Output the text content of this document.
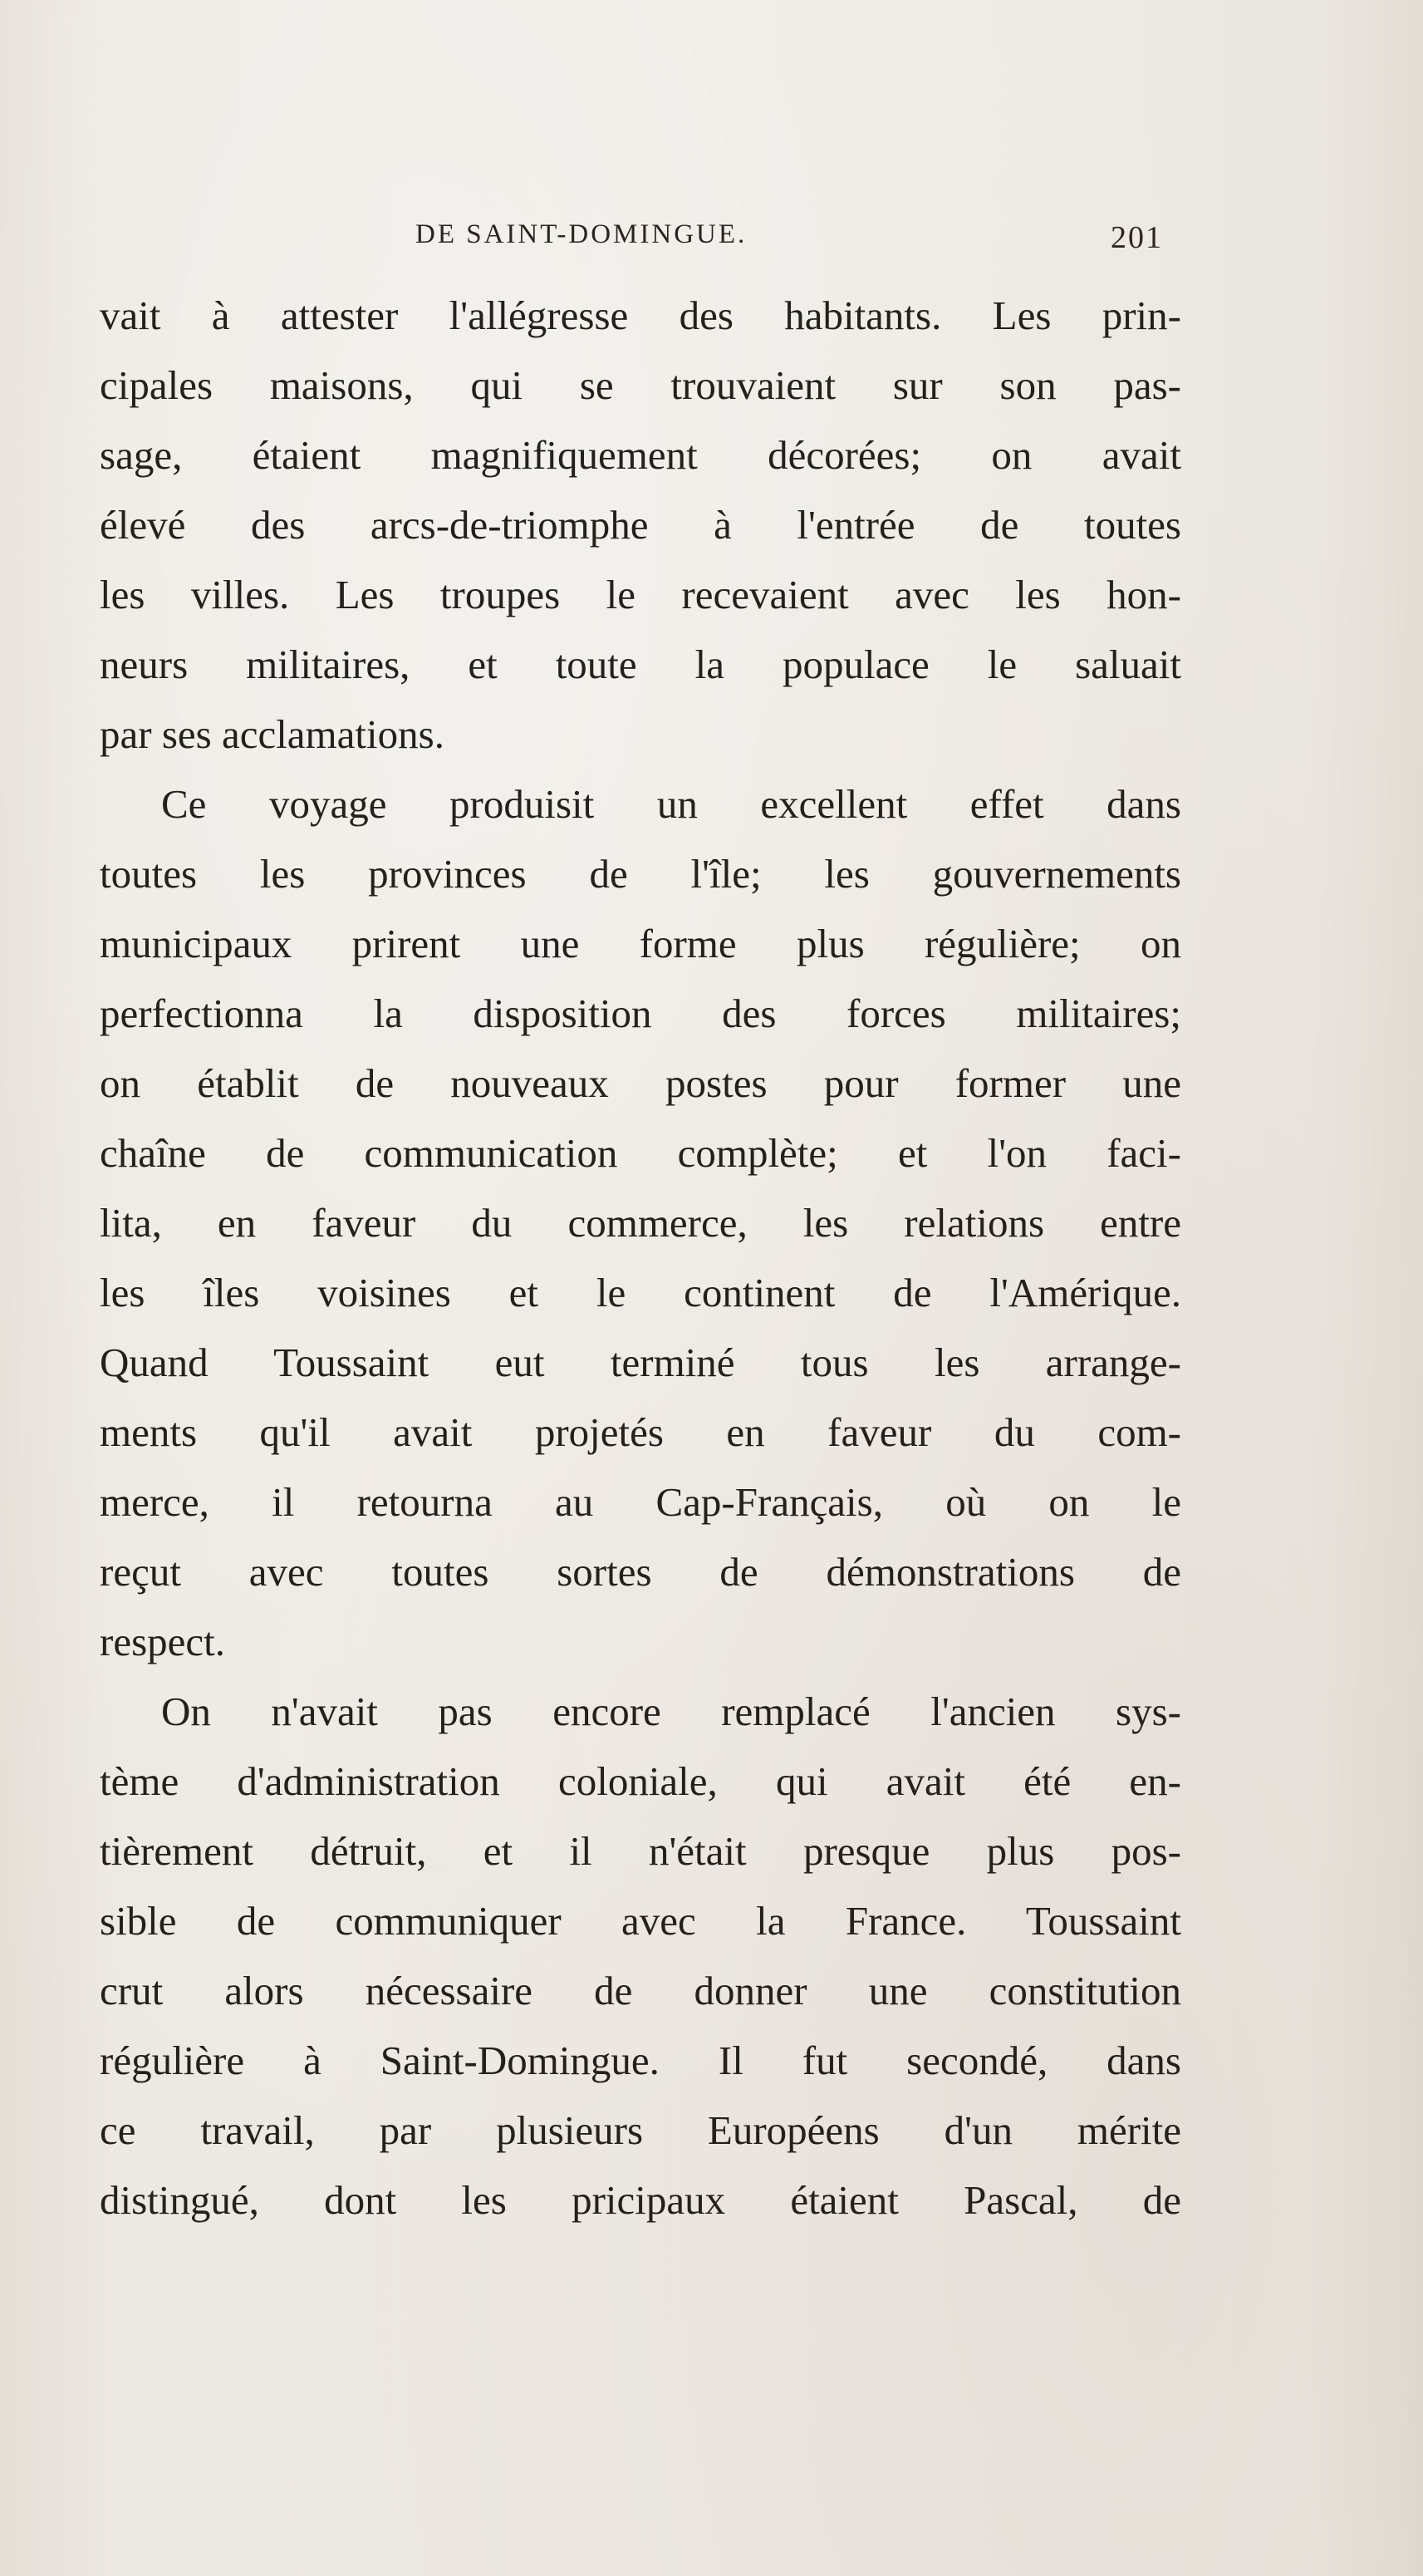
DE SAINT-DOMINGUE.	201
vait à attester l'allégresse des habitants. Les prin-
cipales maisons, qui se trouvaient sur son pas-
sage, étaient magnifiquement décorées; on avait
élevé des arcs-de-triomphe à l'entrée de toutes
les villes. Les troupes le recevaient avec les hon-
neurs militaires, et toute la populace le saluait
par ses acclamations.
Ce voyage produisit un excellent effet dans
toutes les provinces de l'île; les gouvernements
municipaux prirent une forme plus régulière; on
perfectionna la disposition des forces militaires;
on établit de nouveaux postes pour former une
chaîne de communication complète; et l'on faci-
lita, en faveur du commerce, les relations entre
les îles voisines et le continent de l'Amérique.
Quand Toussaint eut terminé tous les arrange-
ments qu'il avait projetés en faveur du com-
merce, il retourna au Cap-Français, où on le
reçut avec toutes sortes de démonstrations de
respect.
On n'avait pas encore remplacé l'ancien sys-
tème d'administration coloniale, qui avait été en-
tièrement détruit, et il n'était presque plus pos-
sible de communiquer avec la France. Toussaint
crut alors nécessaire de donner une constitution
régulière à Saint-Domingue. Il fut secondé, dans
ce travail, par plusieurs Européens d'un mérite
distingué, dont les pricipaux étaient Pascal, de
